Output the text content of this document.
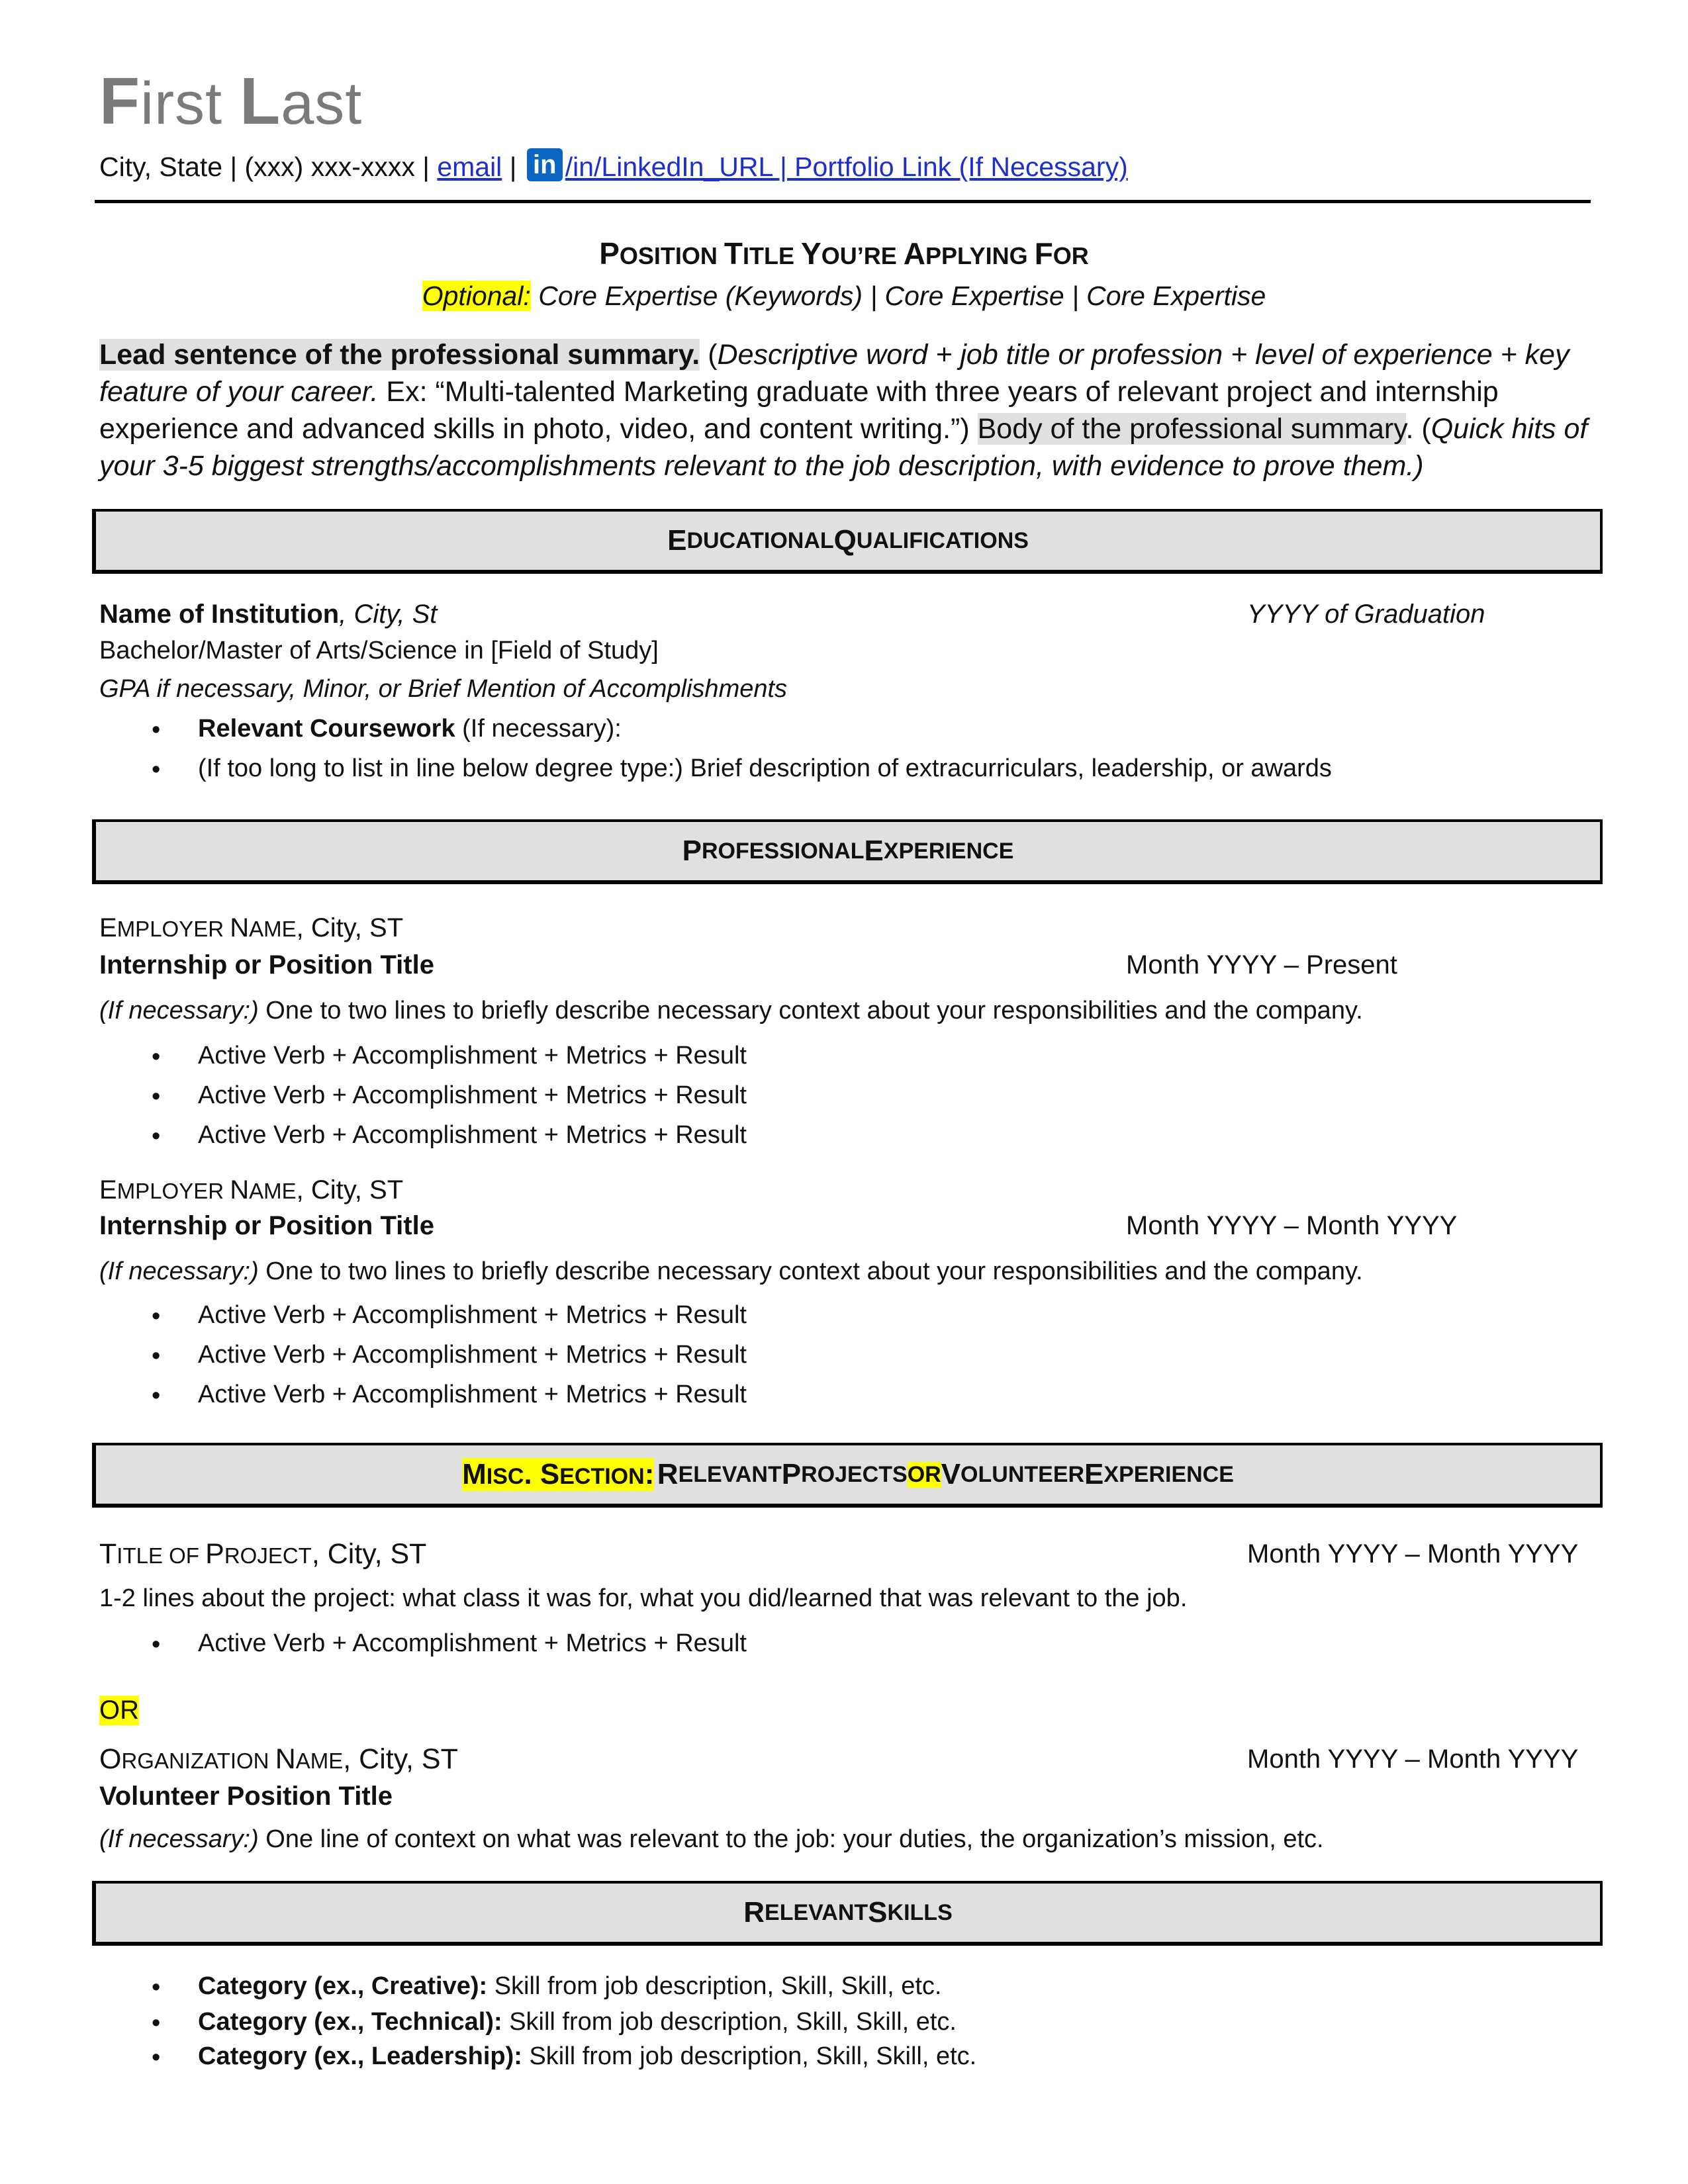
First Last
City, State | (xxx) xxx-xxxx | email | in /in/LinkedIn_URL | Portfolio Link (If Necessary)
POSITION TITLE YOU’RE APPLYING FOR
Optional: Core Expertise (Keywords) | Core Expertise | Core Expertise
Lead sentence of the professional summary. (Descriptive word + job title or profession + level of experience + key feature of your career. Ex: “Multi-talented Marketing graduate with three years of relevant project and internship experience and advanced skills in photo, video, and content writing.”) Body of the professional summary. (Quick hits of your 3-5 biggest strengths/accomplishments relevant to the job description, with evidence to prove them.)
E DUCATIONAL Q UALIFICATIONS
Name of Institution, City, St	YYYY of Graduation
Bachelor/Master of Arts/Science in [Field of Study]
GPA if necessary, Minor, or Brief Mention of Accomplishments
• Relevant Coursework (If necessary):
• (If too long to list in line below degree type:) Brief description of extracurriculars, leadership, or awards
P ROFESSIONAL E XPERIENCE
EMPLOYER NAME, City, ST
Internship or Position Title	Month YYYY – Present
(If necessary:) One to two lines to briefly describe necessary context about your responsibilities and the company.
• Active Verb + Accomplishment + Metrics + Result
• Active Verb + Accomplishment + Metrics + Result
• Active Verb + Accomplishment + Metrics + Result
EMPLOYER NAME, City, ST
Internship or Position Title	Month YYYY – Month YYYY
(If necessary:) One to two lines to briefly describe necessary context about your responsibilities and the company.
• Active Verb + Accomplishment + Metrics + Result
• Active Verb + Accomplishment + Metrics + Result
• Active Verb + Accomplishment + Metrics + Result
MISC. SECTION:
R ELEVANT P ROJECTS OR V OLUNTEER E XPERIENCE
TITLE OF PROJECT, City, ST	Month YYYY – Month YYYY
1-2 lines about the project: what class it was for, what you did/learned that was relevant to the job.
• Active Verb + Accomplishment + Metrics + Result
OR
ORGANIZATION NAME, City, ST	Month YYYY – Month YYYY
Volunteer Position Title
(If necessary:) One line of context on what was relevant to the job: your duties, the organization’s mission, etc.
R ELEVANT S KILLS
• Category (ex., Creative): Skill from job description, Skill, Skill, etc.
• Category (ex., Technical): Skill from job description, Skill, Skill, etc.
• Category (ex., Leadership): Skill from job description, Skill, Skill, etc.
